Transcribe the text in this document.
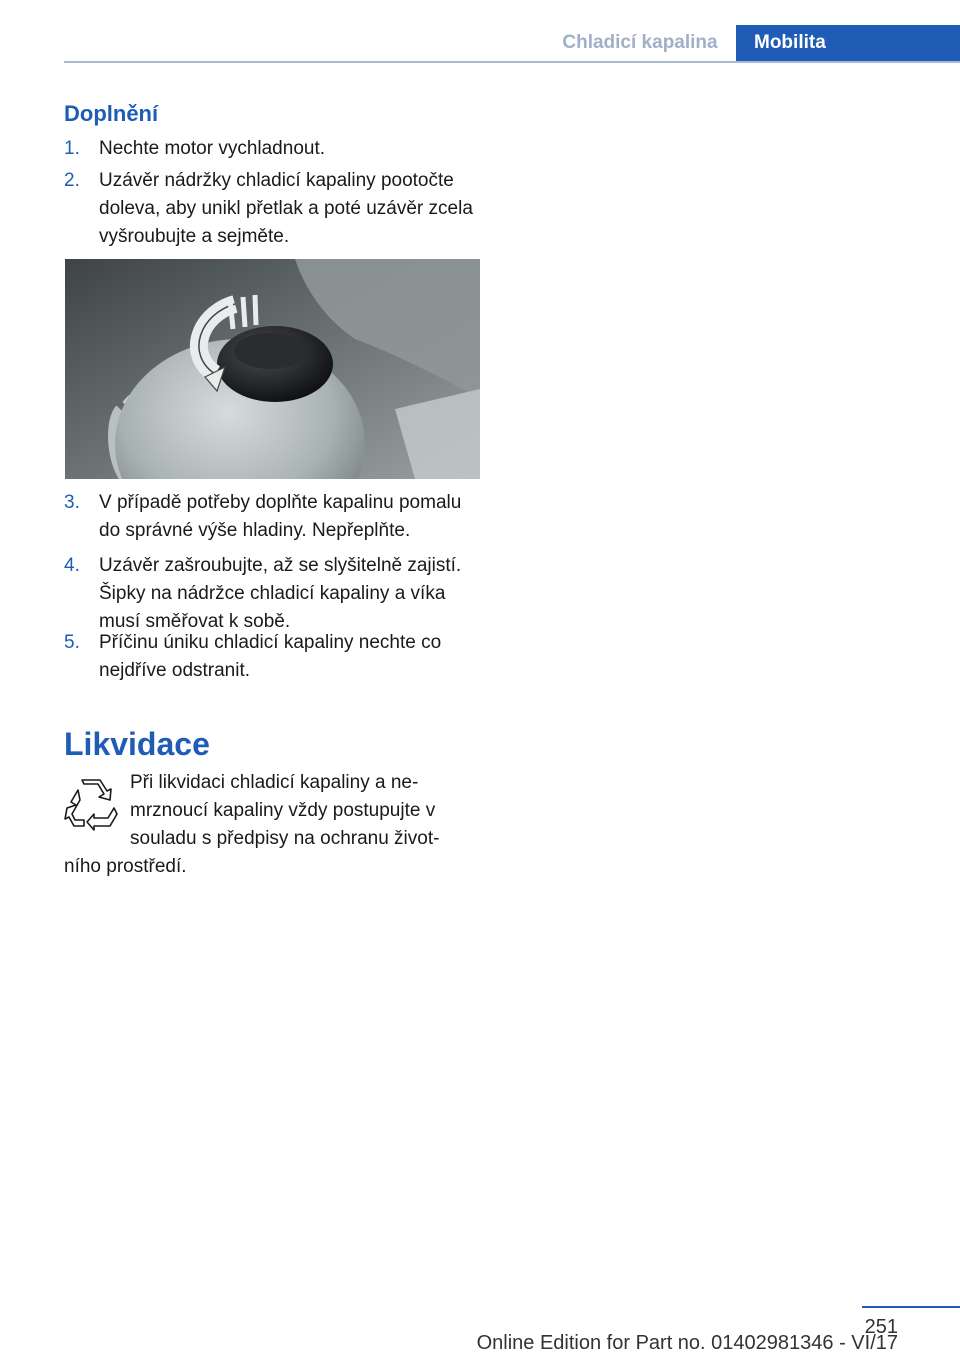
Chladicí kapalina	Mobilita
Doplnění
1. Nechte motor vychladnout.
2. Uzávěr nádržky chladicí kapaliny pootočte doleva, aby unikl přetlak a poté uzávěr zcela vyšroubujte a sejměte.
3. V případě potřeby doplňte kapalinu pomalu do správné výše hladiny. Nepřeplňte.
4. Uzávěr zašroubujte, až se slyšitelně zajistí. Šipky na nádržce chladicí kapaliny a víka musí směřovat k sobě.
5. Příčinu úniku chladicí kapaliny nechte co nejdříve odstranit.
Likvidace
Při likvidaci chladicí kapaliny a ne‐mrznoucí kapaliny vždy postupujte v souladu s předpisy na ochranu život‐ního prostředí.
251
Online Edition for Part no. 01402981346 - VI/17
